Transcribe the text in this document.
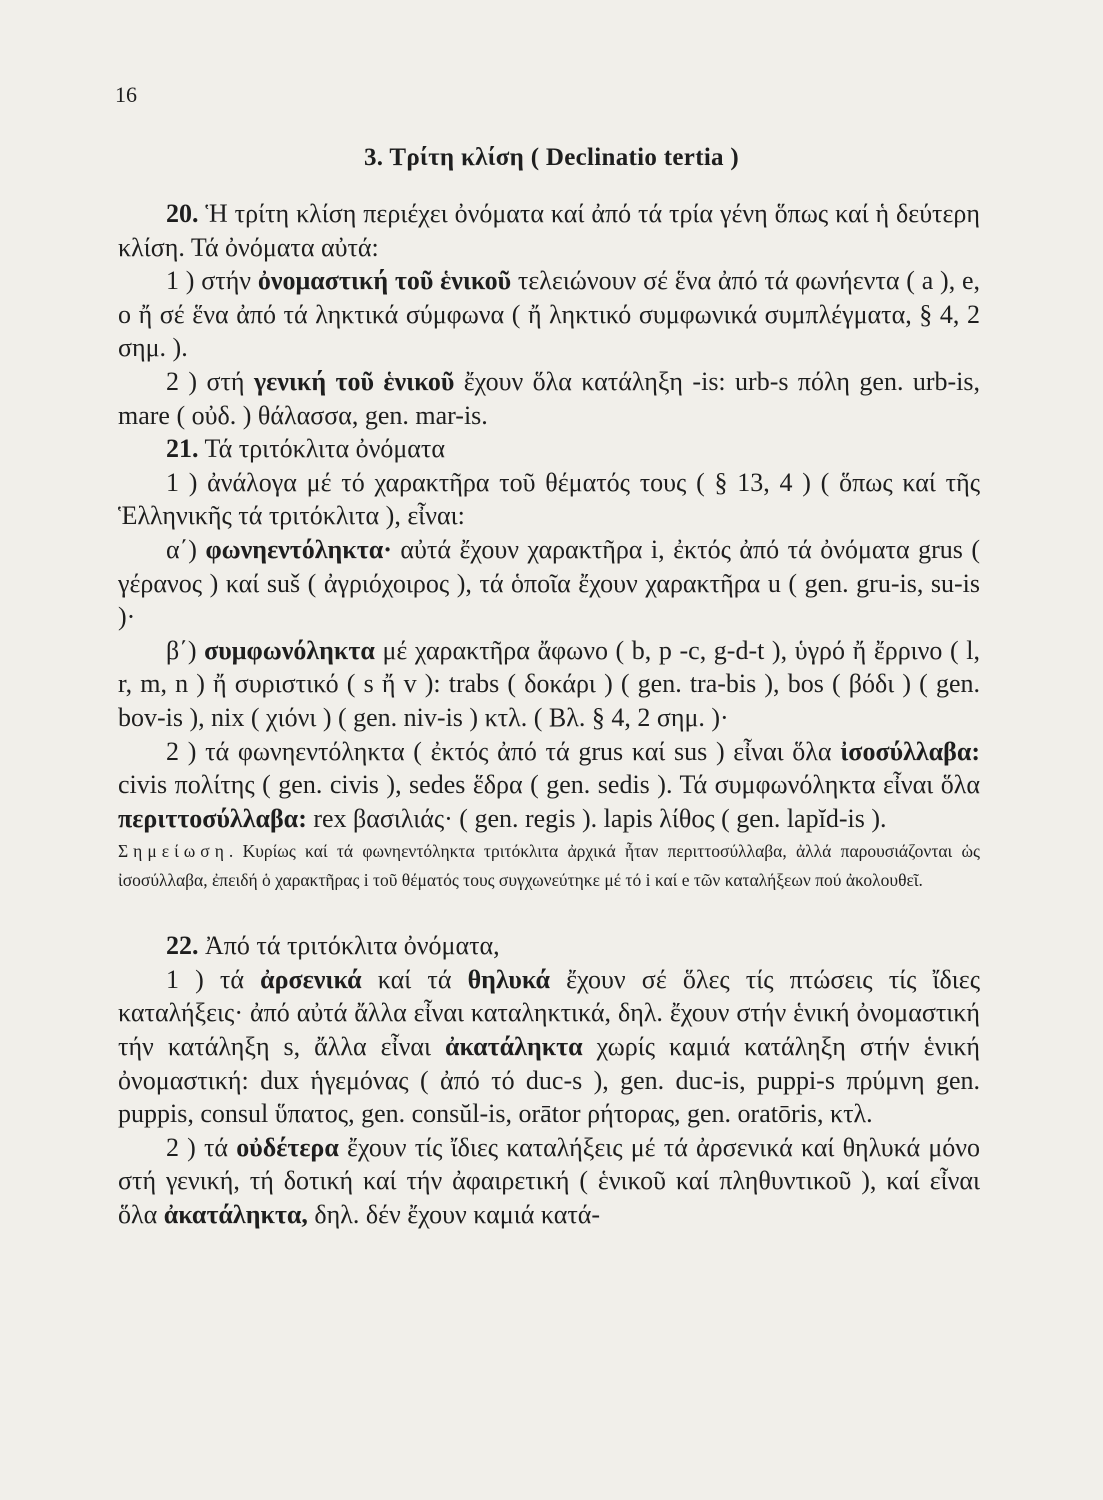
16
3. Τρίτη κλίση ( Declinatio tertia )

20. Ἡ τρίτη κλίση περιέχει ὀνόματα καί ἀπό τά τρία γένη ὅπως καί ἡ δεύτερη κλίση. Τά ὀνόματα αὐτά:

1 ) στήν ὀνομαστική τοῦ ἑνικοῦ τελειώνουν σέ ἕνα ἀπό τά φωνήεντα ( a ), e, o ἤ σέ ἕνα ἀπό τά ληκτικά σύμφωνα ( ἤ ληκτικό συμφωνικά συμπλέγματα, § 4, 2 σημ. ).

2 ) στή γενική τοῦ ἑνικοῦ ἔχουν ὅλα κατάληξη -is: urb-s πόλη gen. urb-is, mare ( οὐδ. ) θάλασσα, gen. mar-is.

21. Τά τριτόκλιτα ὀνόματα

1 ) ἀνάλογα μέ τό χαρακτῆρα τοῦ θέματός τους ( § 13, 4 ) ( ὅπως καί τῆς Ἑλληνικῆς τά τριτόκλιτα ), εἶναι:

α΄) φωνηεντόληκτα· αὐτά ἔχουν χαρακτῆρα i, ἐκτός ἀπό τά ὀνόματα grus ( γέρανος ) καί suš ( ἀγριόχοιρος ), τά ὁποῖα ἔχουν χαρακτῆρα u ( gen. gru-is, su-is )·

β΄) συμφωνόληκτα μέ χαρακτῆρα ἄφωνο ( b, p -c, g-d-t ), ὑγρό ἤ ἔρρινο ( l, r, m, n ) ἤ συριστικό ( s ἤ v ): trabs ( δοκάρι ) ( gen. tra-bis ), bos ( βόδι ) ( gen. bov-is ), nix ( χιόνι ) ( gen. niv-is ) κτλ. ( Βλ. § 4, 2 σημ. )·

2 ) τά φωνηεντόληκτα ( ἐκτός ἀπό τά grus καί sus ) εἶναι ὅλα ἰσοσύλλαβα: civis πολίτης ( gen. civis ), sedes ἕδρα ( gen. sedis ). Τά συμφωνόληκτα εἶναι ὅλα περιττοσύλλαβα: rex βασιλιάς· ( gen. regis ). lapis λίθος ( gen. lapĭd-is ).

Σημείωση. Κυρίως καί τά φωνηεντόληκτα τριτόκλιτα ἀρχικά ἦταν περιττοσύλλαβα, ἀλλά παρουσιάζονται ὡς ἰσοσύλλαβα, ἐπειδή ὁ χαρακτῆρας i τοῦ θέματός τους συγχωνεύτηκε μέ τό i καί e τῶν καταλήξεων πού ἀκολουθεῖ.

22. Ἀπό τά τριτόκλιτα ὀνόματα,

1 ) τά ἀρσενικά καί τά θηλυκά ἔχουν σέ ὅλες τίς πτώσεις τίς ἴδιες καταλήξεις· ἀπό αὐτά ἄλλα εἶναι καταληκτικά, δηλ. ἔχουν στήν ἑνική ὀνομαστική τήν κατάληξη s, ἄλλα εἶναι ἀκατάληκτα χωρίς καμιά κατάληξη στήν ἑνική ὀνομαστική: dux ἡγεμόνας ( ἀπό τό duc-s ), gen. duc-is, puppi-s πρύμνη gen. puppis, consul ὕπατος, gen. consŭl-is, orātor ρήτορας, gen. oratōris, κτλ.

2 ) τά οὐδέτερα ἔχουν τίς ἴδιες καταλήξεις μέ τά ἀρσενικά καί θηλυκά μόνο στή γενική, τή δοτική καί τήν ἀφαιρετική ( ἑνικοῦ καί πληθυντικοῦ ), καί εἶναι ὅλα ἀκατάληκτα, δηλ. δέν ἔχουν καμιά κατά-
